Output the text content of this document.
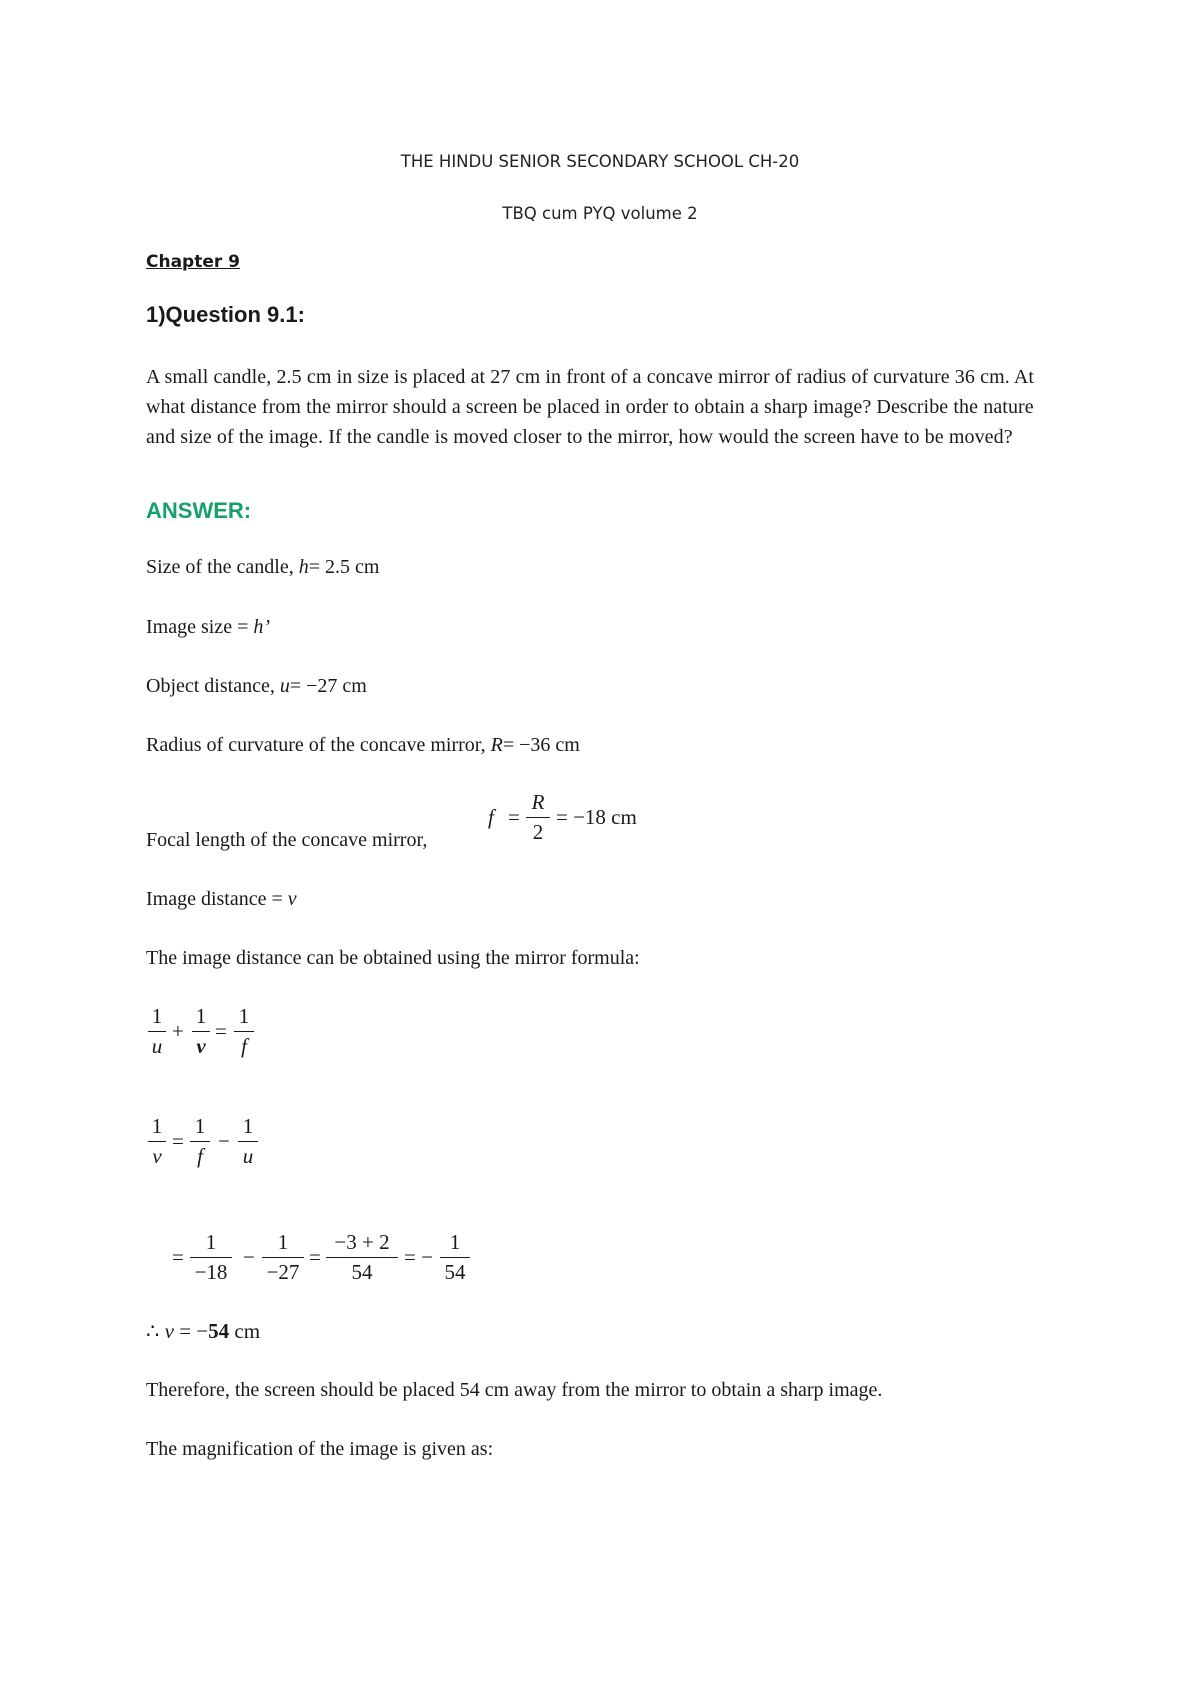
THE HINDU SENIOR SECONDARY SCHOOL CH-20
TBQ cum PYQ volume 2
Chapter 9
1)Question 9.1:
A small candle, 2.5 cm in size is placed at 27 cm in front of a concave mirror of radius of curvature 36 cm. At what distance from the mirror should a screen be placed in order to obtain a sharp image? Describe the nature and size of the image. If the candle is moved closer to the mirror, how would the screen have to be moved?
ANSWER:
Size of the candle, h= 2.5 cm
Image size = h’
Object distance, u= −27 cm
Radius of curvature of the concave mirror, R= −36 cm
Focal length of the concave mirror,
f =
R
2
= −18 cm
Image distance = v
The image distance can be obtained using the mirror formula:
1
u
+
1
v
=
1
f
1
v
=
1
f
−
1
u
=
1
−18
−
1
−27
=
−3 + 2
54
= −
1
54
∴ v = −54 cm
Therefore, the screen should be placed 54 cm away from the mirror to obtain a sharp image.
The magnification of the image is given as:
